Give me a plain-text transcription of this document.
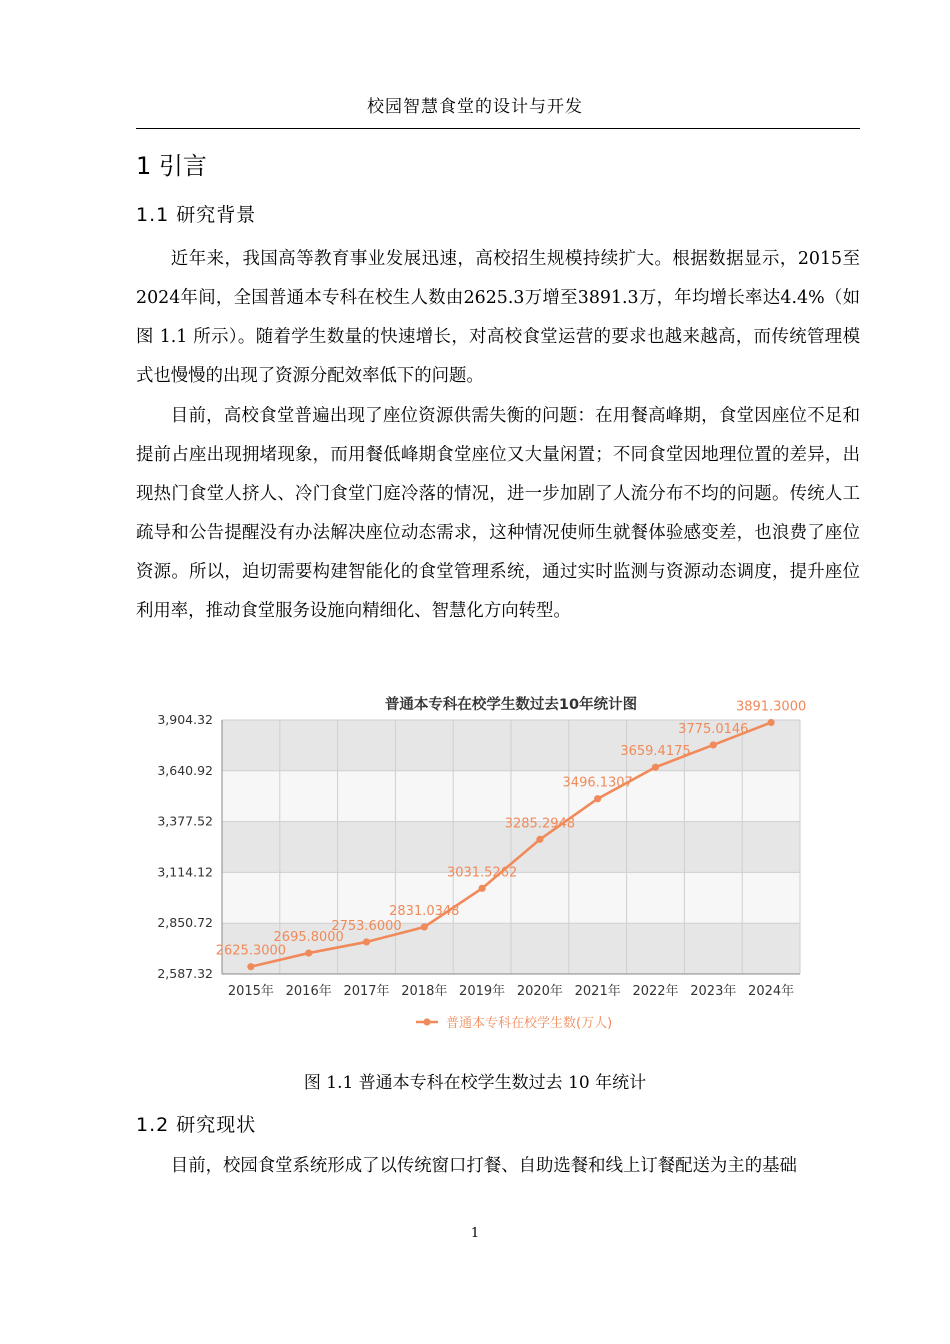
校园智慧食堂的设计与开发
1 引言
1.1 研究背景

近年来，我国高等教育事业发展迅速，高校招生规模持续扩大。根据数据显示，2015至2024年间，全国普通本专科在校生人数由2625.3万增至3891.3万，年均增长率达4.4%（如图 1.1 所示）。随着学生数量的快速增长，对高校食堂运营的要求也越来越高，而传统管理模式也慢慢的出现了资源分配效率低下的问题。

目前，高校食堂普遍出现了座位资源供需失衡的问题：在用餐高峰期，食堂因座位不足和提前占座出现拥堵现象，而用餐低峰期食堂座位又大量闲置；不同食堂因地理位置的差异，出现热门食堂人挤人、冷门食堂门庭冷落的情况，进一步加剧了人流分布不均的问题。传统人工疏导和公告提醒没有办法解决座位动态需求，这种情况使师生就餐体验感变差，也浪费了座位资源。所以，迫切需要构建智能化的食堂管理系统，通过实时监测与资源动态调度，提升座位利用率，推动食堂服务设施向精细化、智慧化方向转型。

2,587.32
2,850.72
3,114.12
3,377.52
3,640.92
3,904.32
2015年 2016年 2017年 2018年 2019年 2020年 2021年 2022年 2023年 2024年
普通本专科在校学生数过去10年统计图
2625.3000
2695.8000
2753.6000
2831.0348
3031.5262
3285.2948
3496.1307
3659.4175
3775.0146
3891.3000
普通本专科在校学生数(万人)
图 1.1 普通本专科在校学生数过去 10 年统计
1.2 研究现状

目前，校园食堂系统形成了以传统窗口打餐、自助选餐和线上订餐配送为主的基础

1
